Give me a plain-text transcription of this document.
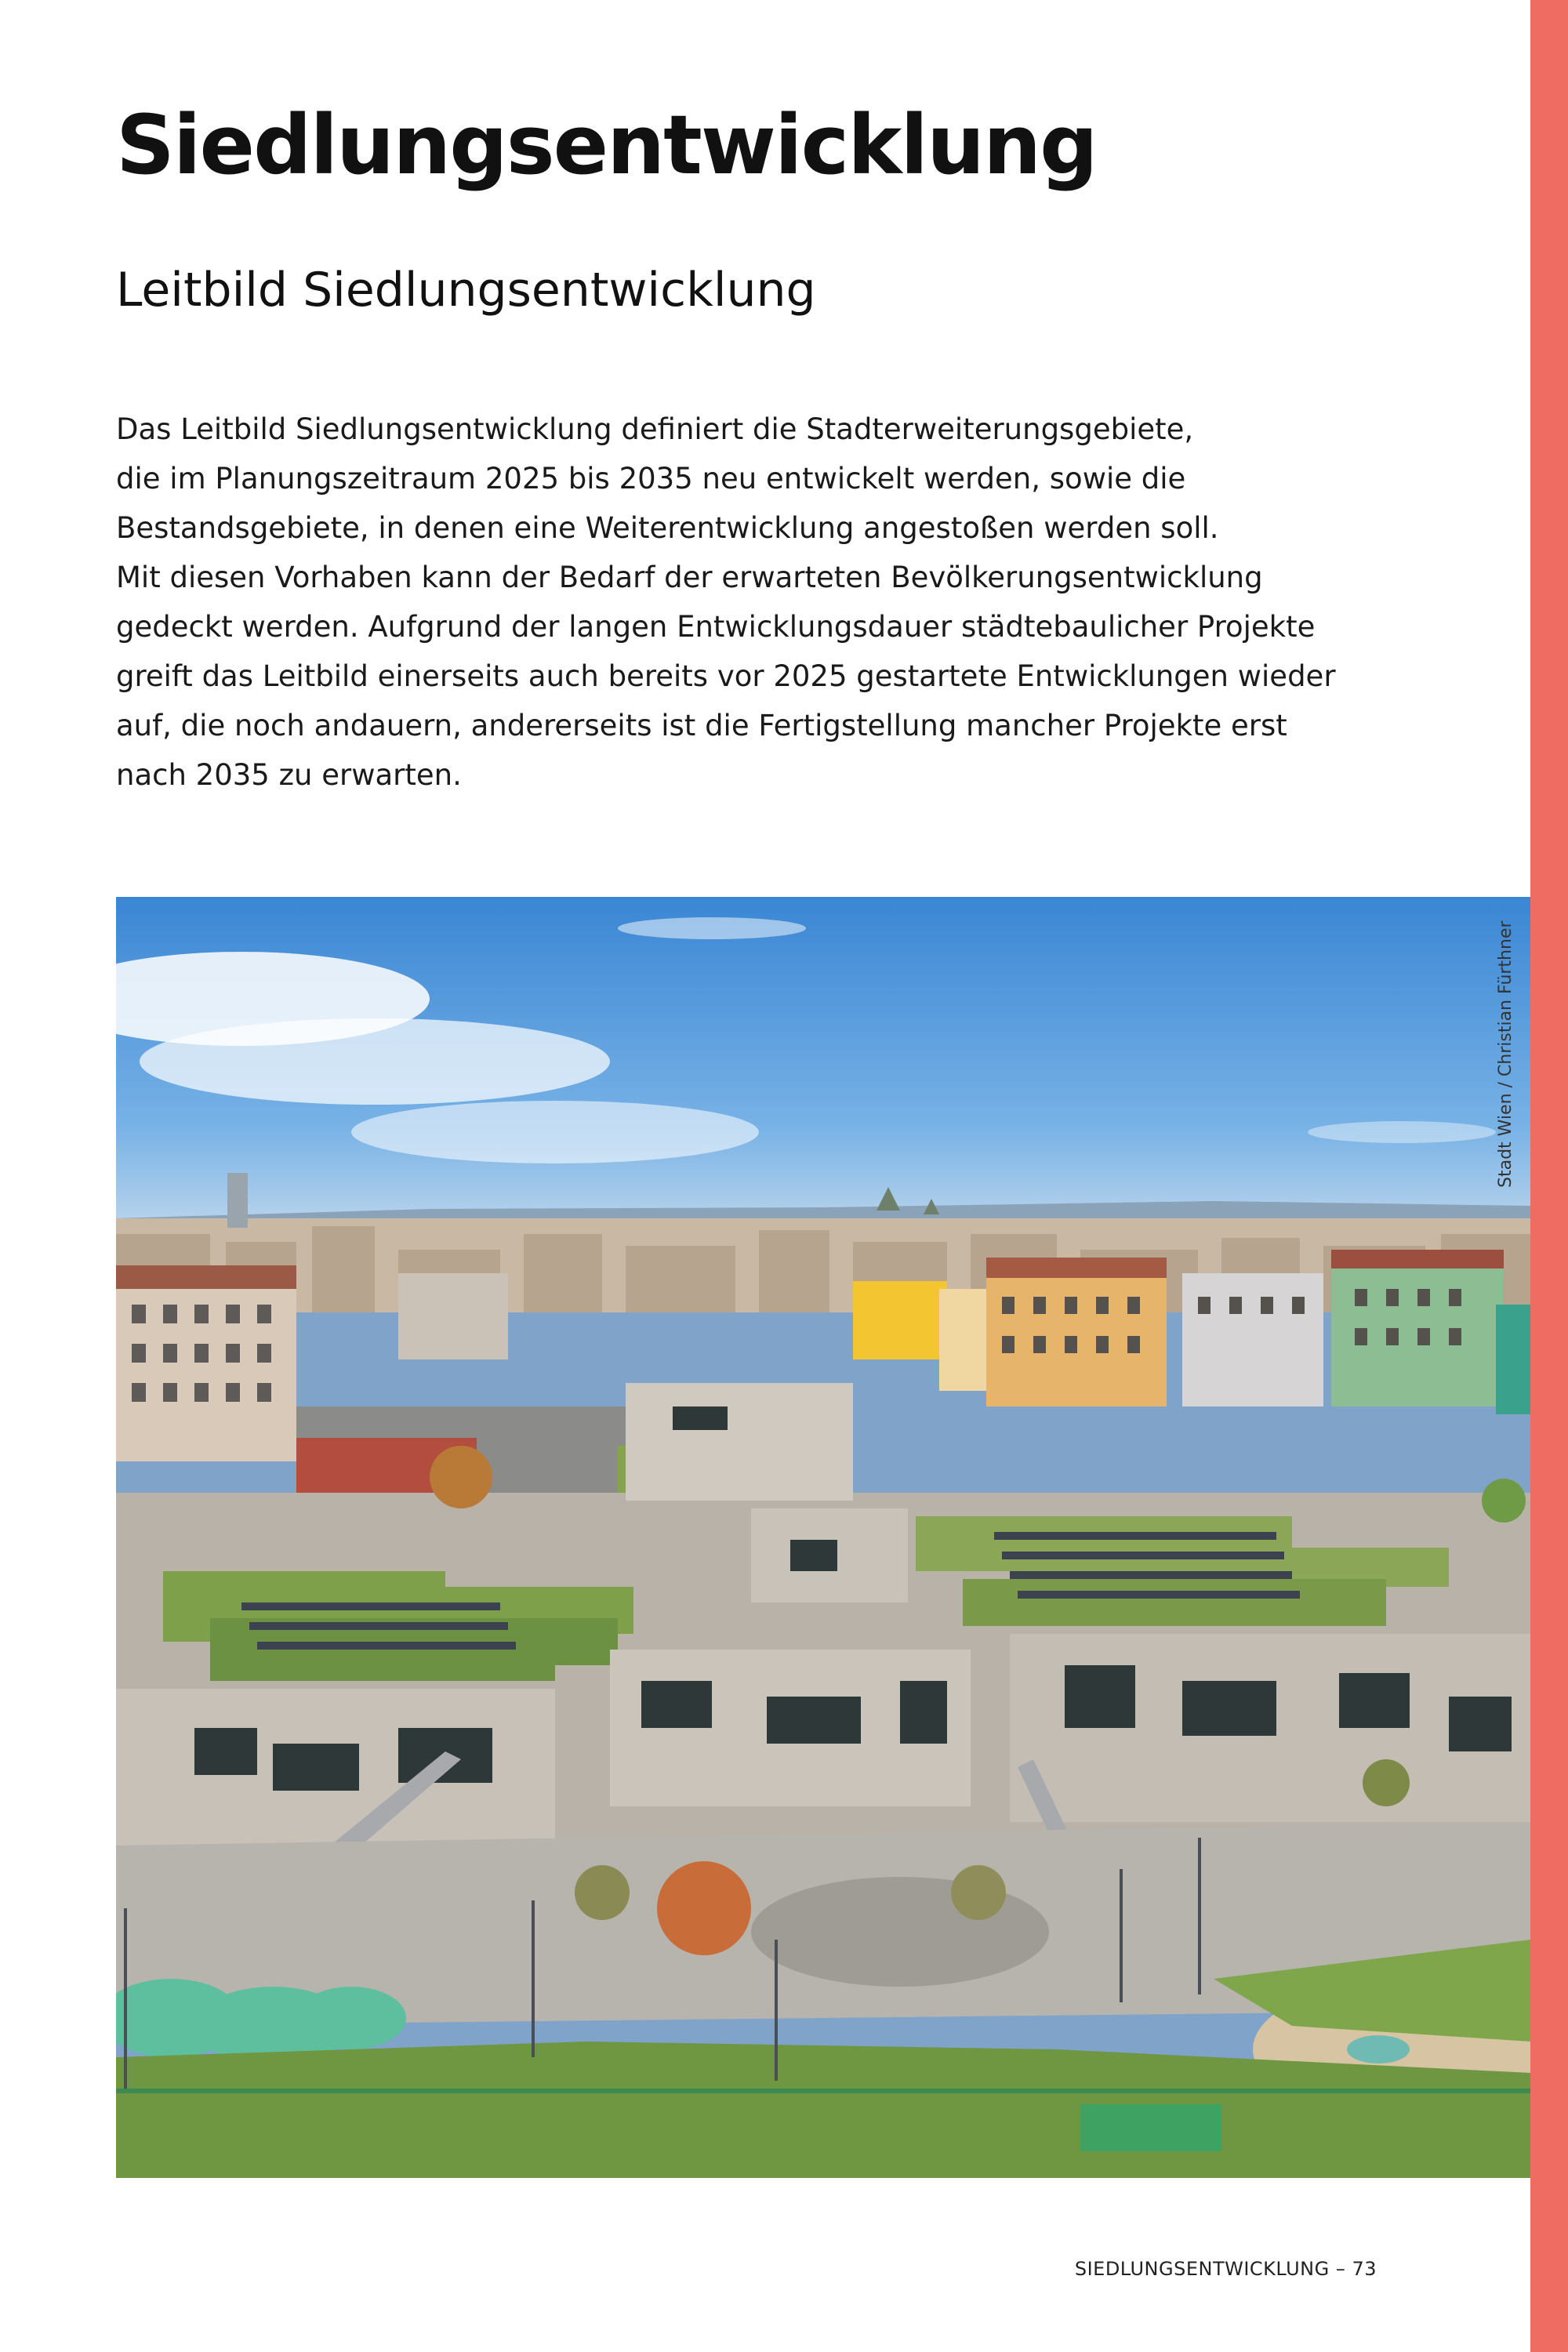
Siedlungsentwicklung
Leitbild Siedlungsentwicklung
Das Leitbild Siedlungsentwicklung definiert die Stadterweiterungsgebiete,
die im Planungszeitraum 2025 bis 2035 neu entwickelt werden, sowie die
Bestandsgebiete, in denen eine Weiterentwicklung angestoßen werden soll.
Mit diesen Vorhaben kann der Bedarf der erwarteten Bevölkerungsentwicklung
gedeckt werden. Aufgrund der langen Entwicklungsdauer städtebaulicher Projekte
greift das Leitbild einerseits auch bereits vor 2025 gestartete Entwicklungen wieder
auf, die noch andauern, andererseits ist die Fertigstellung mancher Projekte erst
nach 2035 zu erwarten.
Stadt Wien / Christian Fürthner
SIEDLUNGSENTWICKLUNG – 73
